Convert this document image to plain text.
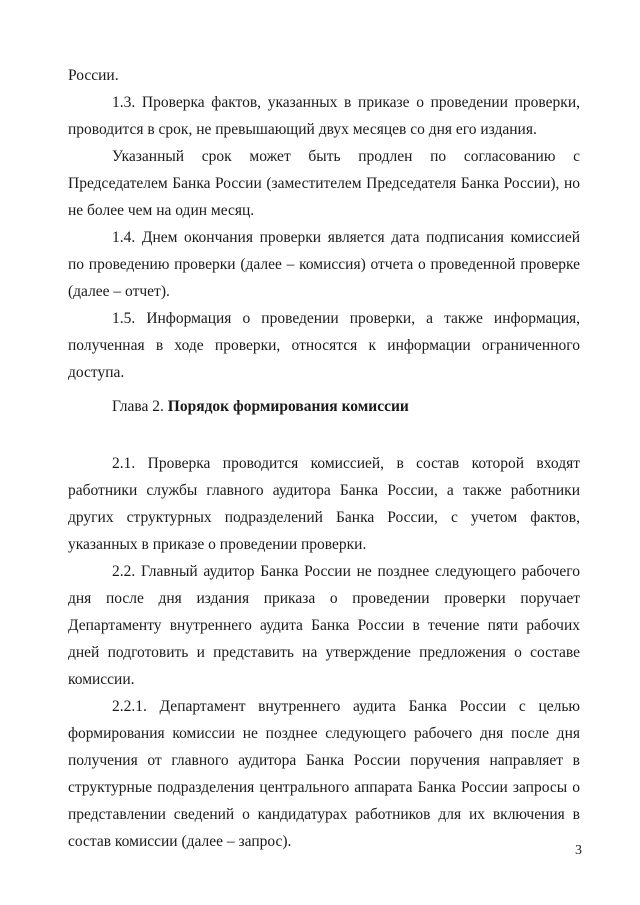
России.

1.3. Проверка фактов, указанных в приказе о проведении проверки, проводится в срок, не превышающий двух месяцев со дня его издания.

Указанный срок может быть продлен по согласованию с Председателем Банка России (заместителем Председателя Банка России), но не более чем на один месяц.

1.4. Днем окончания проверки является дата подписания комиссией по проведению проверки (далее – комиссия) отчета о проведенной проверке (далее – отчет).

1.5. Информация о проведении проверки, а также информация, полученная в ходе проверки, относятся к информации ограниченного доступа.

Глава 2. Порядок формирования комиссии

2.1. Проверка проводится комиссией, в состав которой входят работники службы главного аудитора Банка России, а также работники других структурных подразделений Банка России, с учетом фактов, указанных в приказе о проведении проверки.

2.2. Главный аудитор Банка России не позднее следующего рабочего дня после дня издания приказа о проведении проверки поручает Департаменту внутреннего аудита Банка России в течение пяти рабочих дней подготовить и представить на утверждение предложения о составе комиссии.

2.2.1. Департамент внутреннего аудита Банка России с целью формирования комиссии не позднее следующего рабочего дня после дня получения от главного аудитора Банка России поручения направляет в структурные подразделения центрального аппарата Банка России запросы о представлении сведений о кандидатурах работников для их включения в состав комиссии (далее – запрос).

3
